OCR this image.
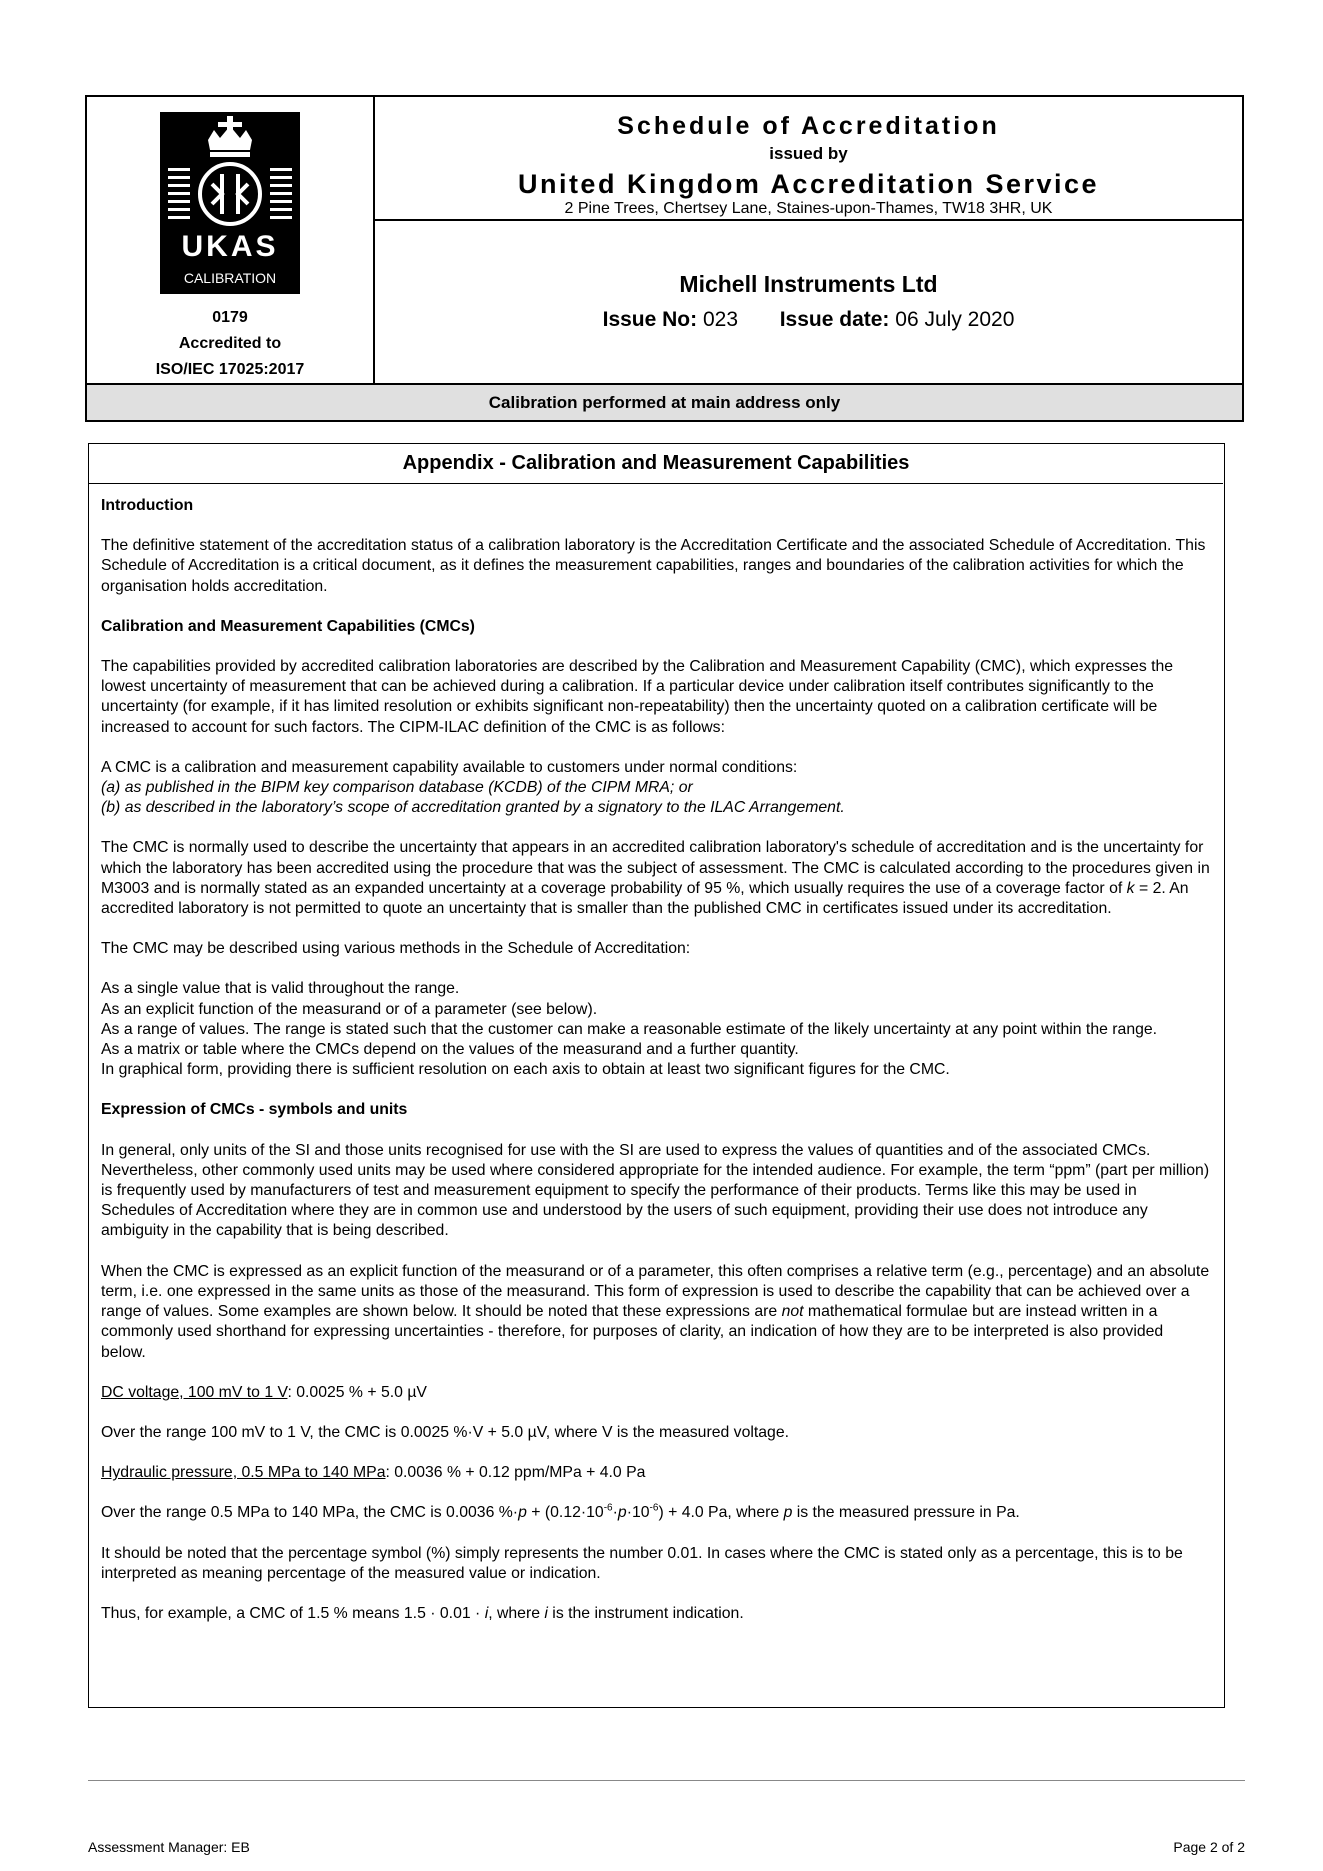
UKAS
CALIBRATION
0179
Accredited to
ISO/IEC 17025:2017
Schedule of Accreditation
issued by
United Kingdom Accreditation Service
2 Pine Trees, Chertsey Lane, Staines-upon-Thames, TW18 3HR, UK
Michell Instruments Ltd
Issue No: 023 Issue date: 06 July 2020
Calibration performed at main address only
Appendix - Calibration and Measurement Capabilities
Introduction

The definitive statement of the accreditation status of a calibration laboratory is the Accreditation Certificate and the associated Schedule of Accreditation. This Schedule of Accreditation is a critical document, as it defines the measurement capabilities, ranges and boundaries of the calibration activities for which the organisation holds accreditation.

Calibration and Measurement Capabilities (CMCs)

The capabilities provided by accredited calibration laboratories are described by the Calibration and Measurement Capability (CMC), which expresses the lowest uncertainty of measurement that can be achieved during a calibration. If a particular device under calibration itself contributes significantly to the uncertainty (for example, if it has limited resolution or exhibits significant non-repeatability) then the uncertainty quoted on a calibration certificate will be increased to account for such factors. The CIPM-ILAC definition of the CMC is as follows:

A CMC is a calibration and measurement capability available to customers under normal conditions:
(a) as published in the BIPM key comparison database (KCDB) of the CIPM MRA; or
(b) as described in the laboratory’s scope of accreditation granted by a signatory to the ILAC Arrangement.

The CMC is normally used to describe the uncertainty that appears in an accredited calibration laboratory's schedule of accreditation and is the uncertainty for which the laboratory has been accredited using the procedure that was the subject of assessment. The CMC is calculated according to the procedures given in M3003 and is normally stated as an expanded uncertainty at a coverage probability of 95 %, which usually requires the use of a coverage factor of k = 2. An accredited laboratory is not permitted to quote an uncertainty that is smaller than the published CMC in certificates issued under its accreditation.

The CMC may be described using various methods in the Schedule of Accreditation:

As a single value that is valid throughout the range.
As an explicit function of the measurand or of a parameter (see below).
As a range of values. The range is stated such that the customer can make a reasonable estimate of the likely uncertainty at any point within the range.
As a matrix or table where the CMCs depend on the values of the measurand and a further quantity.
In graphical form, providing there is sufficient resolution on each axis to obtain at least two significant figures for the CMC.

Expression of CMCs - symbols and units

In general, only units of the SI and those units recognised for use with the SI are used to express the values of quantities and of the associated CMCs. Nevertheless, other commonly used units may be used where considered appropriate for the intended audience. For example, the term “ppm” (part per million) is frequently used by manufacturers of test and measurement equipment to specify the performance of their products. Terms like this may be used in Schedules of Accreditation where they are in common use and understood by the users of such equipment, providing their use does not introduce any ambiguity in the capability that is being described.

When the CMC is expressed as an explicit function of the measurand or of a parameter, this often comprises a relative term (e.g., percentage) and an absolute term, i.e. one expressed in the same units as those of the measurand. This form of expression is used to describe the capability that can be achieved over a range of values. Some examples are shown below. It should be noted that these expressions are not mathematical formulae but are instead written in a commonly used shorthand for expressing uncertainties - therefore, for purposes of clarity, an indication of how they are to be interpreted is also provided below.

DC voltage, 100 mV to 1 V: 0.0025 % + 5.0 µV

Over the range 100 mV to 1 V, the CMC is 0.0025 %·V + 5.0 µV, where V is the measured voltage.

Hydraulic pressure, 0.5 MPa to 140 MPa: 0.0036 % + 0.12 ppm/MPa + 4.0 Pa

Over the range 0.5 MPa to 140 MPa, the CMC is 0.0036 $\%\cdot p + (0.12\cdot 10^{-6}\cdot p\cdot 10^{-6}) + 4.0$ Pa, where p is the measured pressure in Pa.

It should be noted that the percentage symbol (%) simply represents the number 0.01. In cases where the CMC is stated only as a percentage, this is to be interpreted as meaning percentage of the measured value or indication.

Thus, for example, a CMC of 1.5 % means 1.5 · 0.01 · i, where i is the instrument indication.

Assessment Manager: EB	Page 2 of 2
